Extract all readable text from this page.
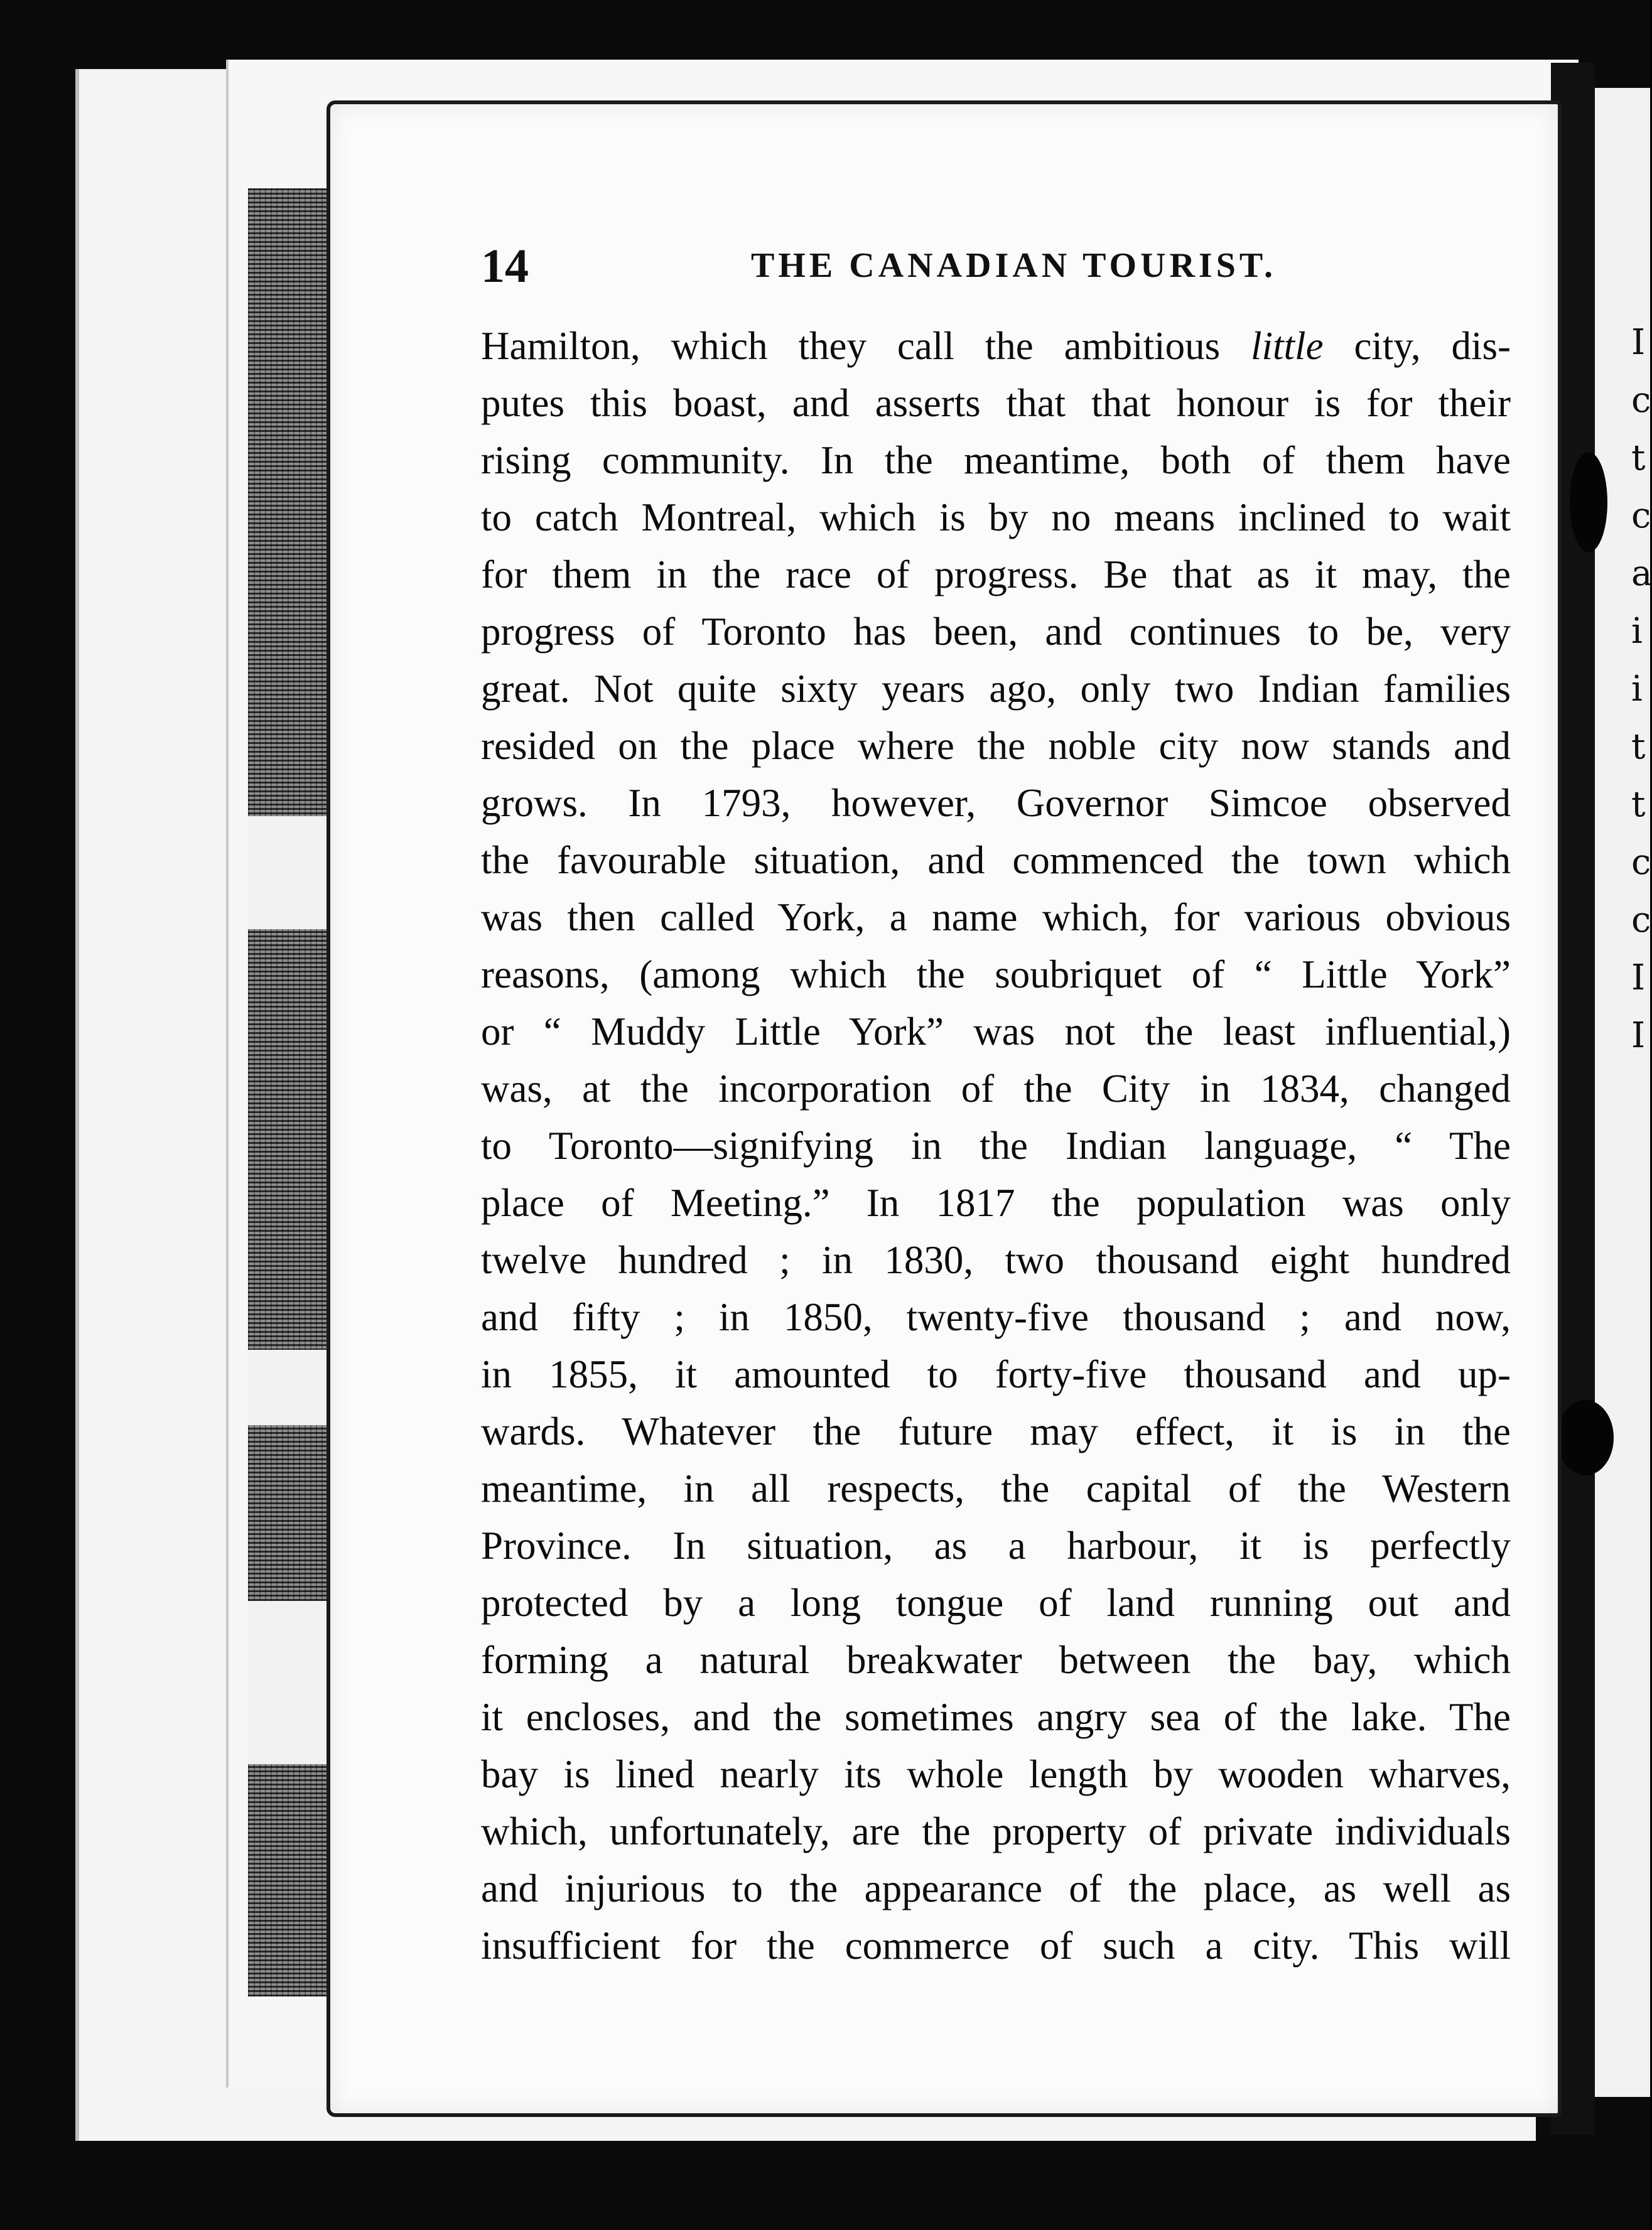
I
c
t
c
a
i
i
t
t
c
c
I
I
14	THE CANADIAN TOURIST.
Hamilton, which they call the ambitious little city, dis-
putes this boast, and asserts that that honour is for their
rising community. In the meantime, both of them have
to catch Montreal, which is by no means inclined to wait
for them in the race of progress. Be that as it may, the
progress of Toronto has been, and continues to be, very
great. Not quite sixty years ago, only two Indian families
resided on the place where the noble city now stands and
grows. In 1793, however, Governor Simcoe observed
the favourable situation, and commenced the town which
was then called York, a name which, for various obvious
reasons, (among which the soubriquet of “ Little York”
or “ Muddy Little York” was not the least influential,)
was, at the incorporation of the City in 1834, changed
to Toronto—signifying in the Indian language, “ The
place of Meeting.” In 1817 the population was only
twelve hundred ; in 1830, two thousand eight hundred
and fifty ; in 1850, twenty-five thousand ; and now,
in 1855, it amounted to forty-five thousand and up-
wards. Whatever the future may effect, it is in the
meantime, in all respects, the capital of the Western
Province. In situation, as a harbour, it is perfectly
protected by a long tongue of land running out and
forming a natural breakwater between the bay, which
it encloses, and the sometimes angry sea of the lake. The
bay is lined nearly its whole length by wooden wharves,
which, unfortunately, are the property of private individuals
and injurious to the appearance of the place, as well as
insufficient for the commerce of such a city. This will
